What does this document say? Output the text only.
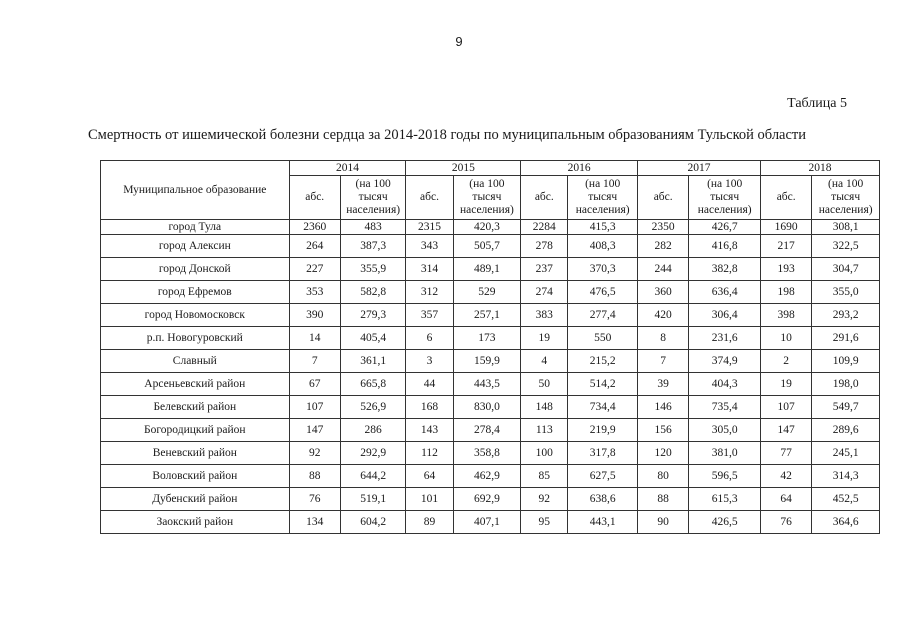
9
Таблица 5
Смертность от ишемической болезни сердца за 2014-2018 годы по муниципальным образованиям Тульской области
Муниципальное образование	2014		2015		2016		2017		2018	
	абс.	(на 100 тысяч населения)	абс.	(на 100 тысяч населения)	абс.	(на 100 тысяч населения)	абс.	(на 100 тысяч населения)	абс.	(на 100 тысяч населения)
город Тула	2360	483	2315	420,3	2284	415,3	2350	426,7	1690	308,1
город Алексин	264	387,3	343	505,7	278	408,3	282	416,8	217	322,5
город Донской	227	355,9	314	489,1	237	370,3	244	382,8	193	304,7
город Ефремов	353	582,8	312	529	274	476,5	360	636,4	198	355,0
город Новомосковск	390	279,3	357	257,1	383	277,4	420	306,4	398	293,2
р.п. Новогуровский	14	405,4	6	173	19	550	8	231,6	10	291,6
Славный	7	361,1	3	159,9	4	215,2	7	374,9	2	109,9
Арсеньевский район	67	665,8	44	443,5	50	514,2	39	404,3	19	198,0
Белевский район	107	526,9	168	830,0	148	734,4	146	735,4	107	549,7
Богородицкий район	147	286	143	278,4	113	219,9	156	305,0	147	289,6
Веневский район	92	292,9	112	358,8	100	317,8	120	381,0	77	245,1
Воловский район	88	644,2	64	462,9	85	627,5	80	596,5	42	314,3
Дубенский район	76	519,1	101	692,9	92	638,6	88	615,3	64	452,5
Заокский район	134	604,2	89	407,1	95	443,1	90	426,5	76	364,6
